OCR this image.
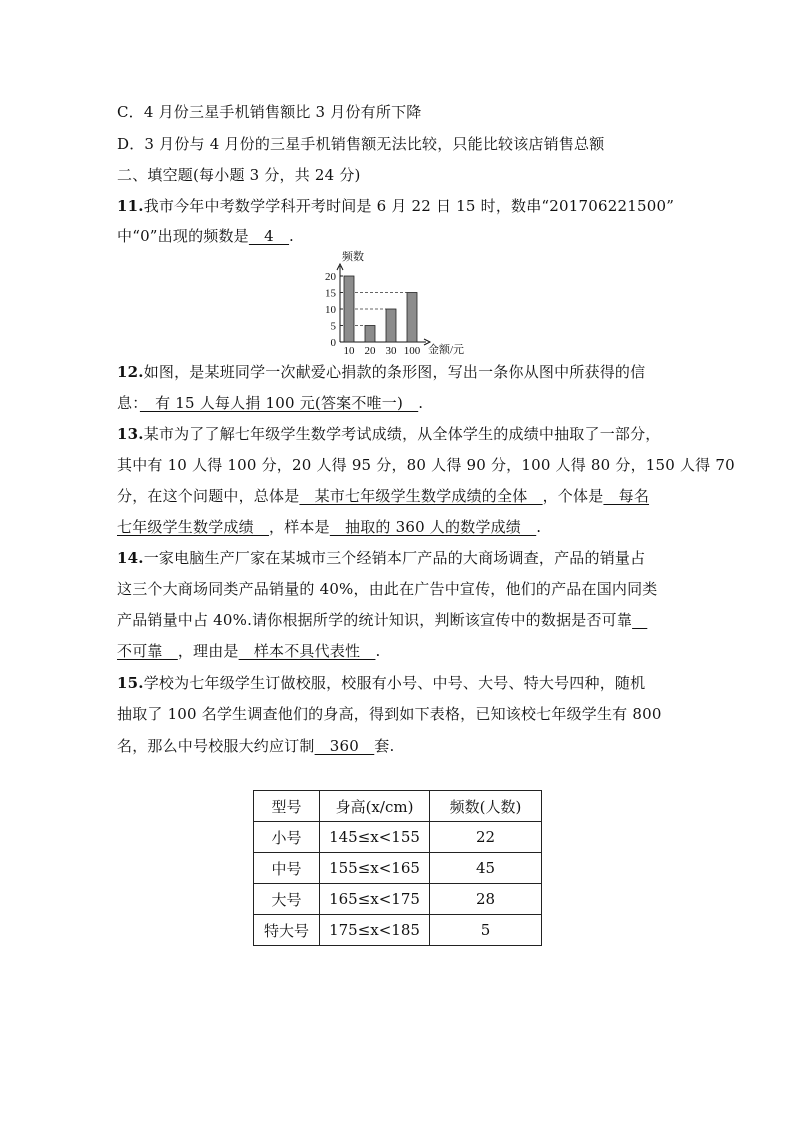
C．4 月份三星手机销售额比 3 月份有所下降
D．3 月份与 4 月份的三星手机销售额无法比较，只能比较该店销售总额
二、填空题(每小题 3 分，共 24 分)
11.我市今年中考数学学科开考时间是 6 月 22 日 15 时，数串“201706221500”
中“0”出现的频数是　4　.
频数
金额/元
0
5
10
15
20
10 20 30 100
12.如图，是某班同学一次献爱心捐款的条形图，写出一条你从图中所获得的信
息：　有 15 人每人捐 100 元(答案不唯一)　.
13.某市为了了解七年级学生数学考试成绩，从全体学生的成绩中抽取了一部分，
其中有 10 人得 100 分，20 人得 95 分，80 人得 90 分，100 人得 80 分，150 人得 70
分，在这个问题中，总体是　某市七年级学生数学成绩的全体　，个体是　每名
七年级学生数学成绩　，样本是　抽取的 360 人的数学成绩　.
14.一家电脑生产厂家在某城市三个经销本厂产品的大商场调查，产品的销量占
这三个大商场同类产品销量的 40%，由此在广告中宣传，他们的产品在国内同类
产品销量中占 40%.请你根据所学的统计知识，判断该宣传中的数据是否可靠　
不可靠　，理由是　样本不具代表性　.
15.学校为七年级学生订做校服，校服有小号、中号、大号、特大号四种，随机
抽取了 100 名学生调查他们的身高，得到如下表格，已知该校七年级学生有 800
名，那么中号校服大约应订制　360　套.
型号	身高(x/cm)	频数(人数)
小号	145≤x<155	22
中号	155≤x<165	45
大号	165≤x<175	28
特大号	175≤x<185	5
